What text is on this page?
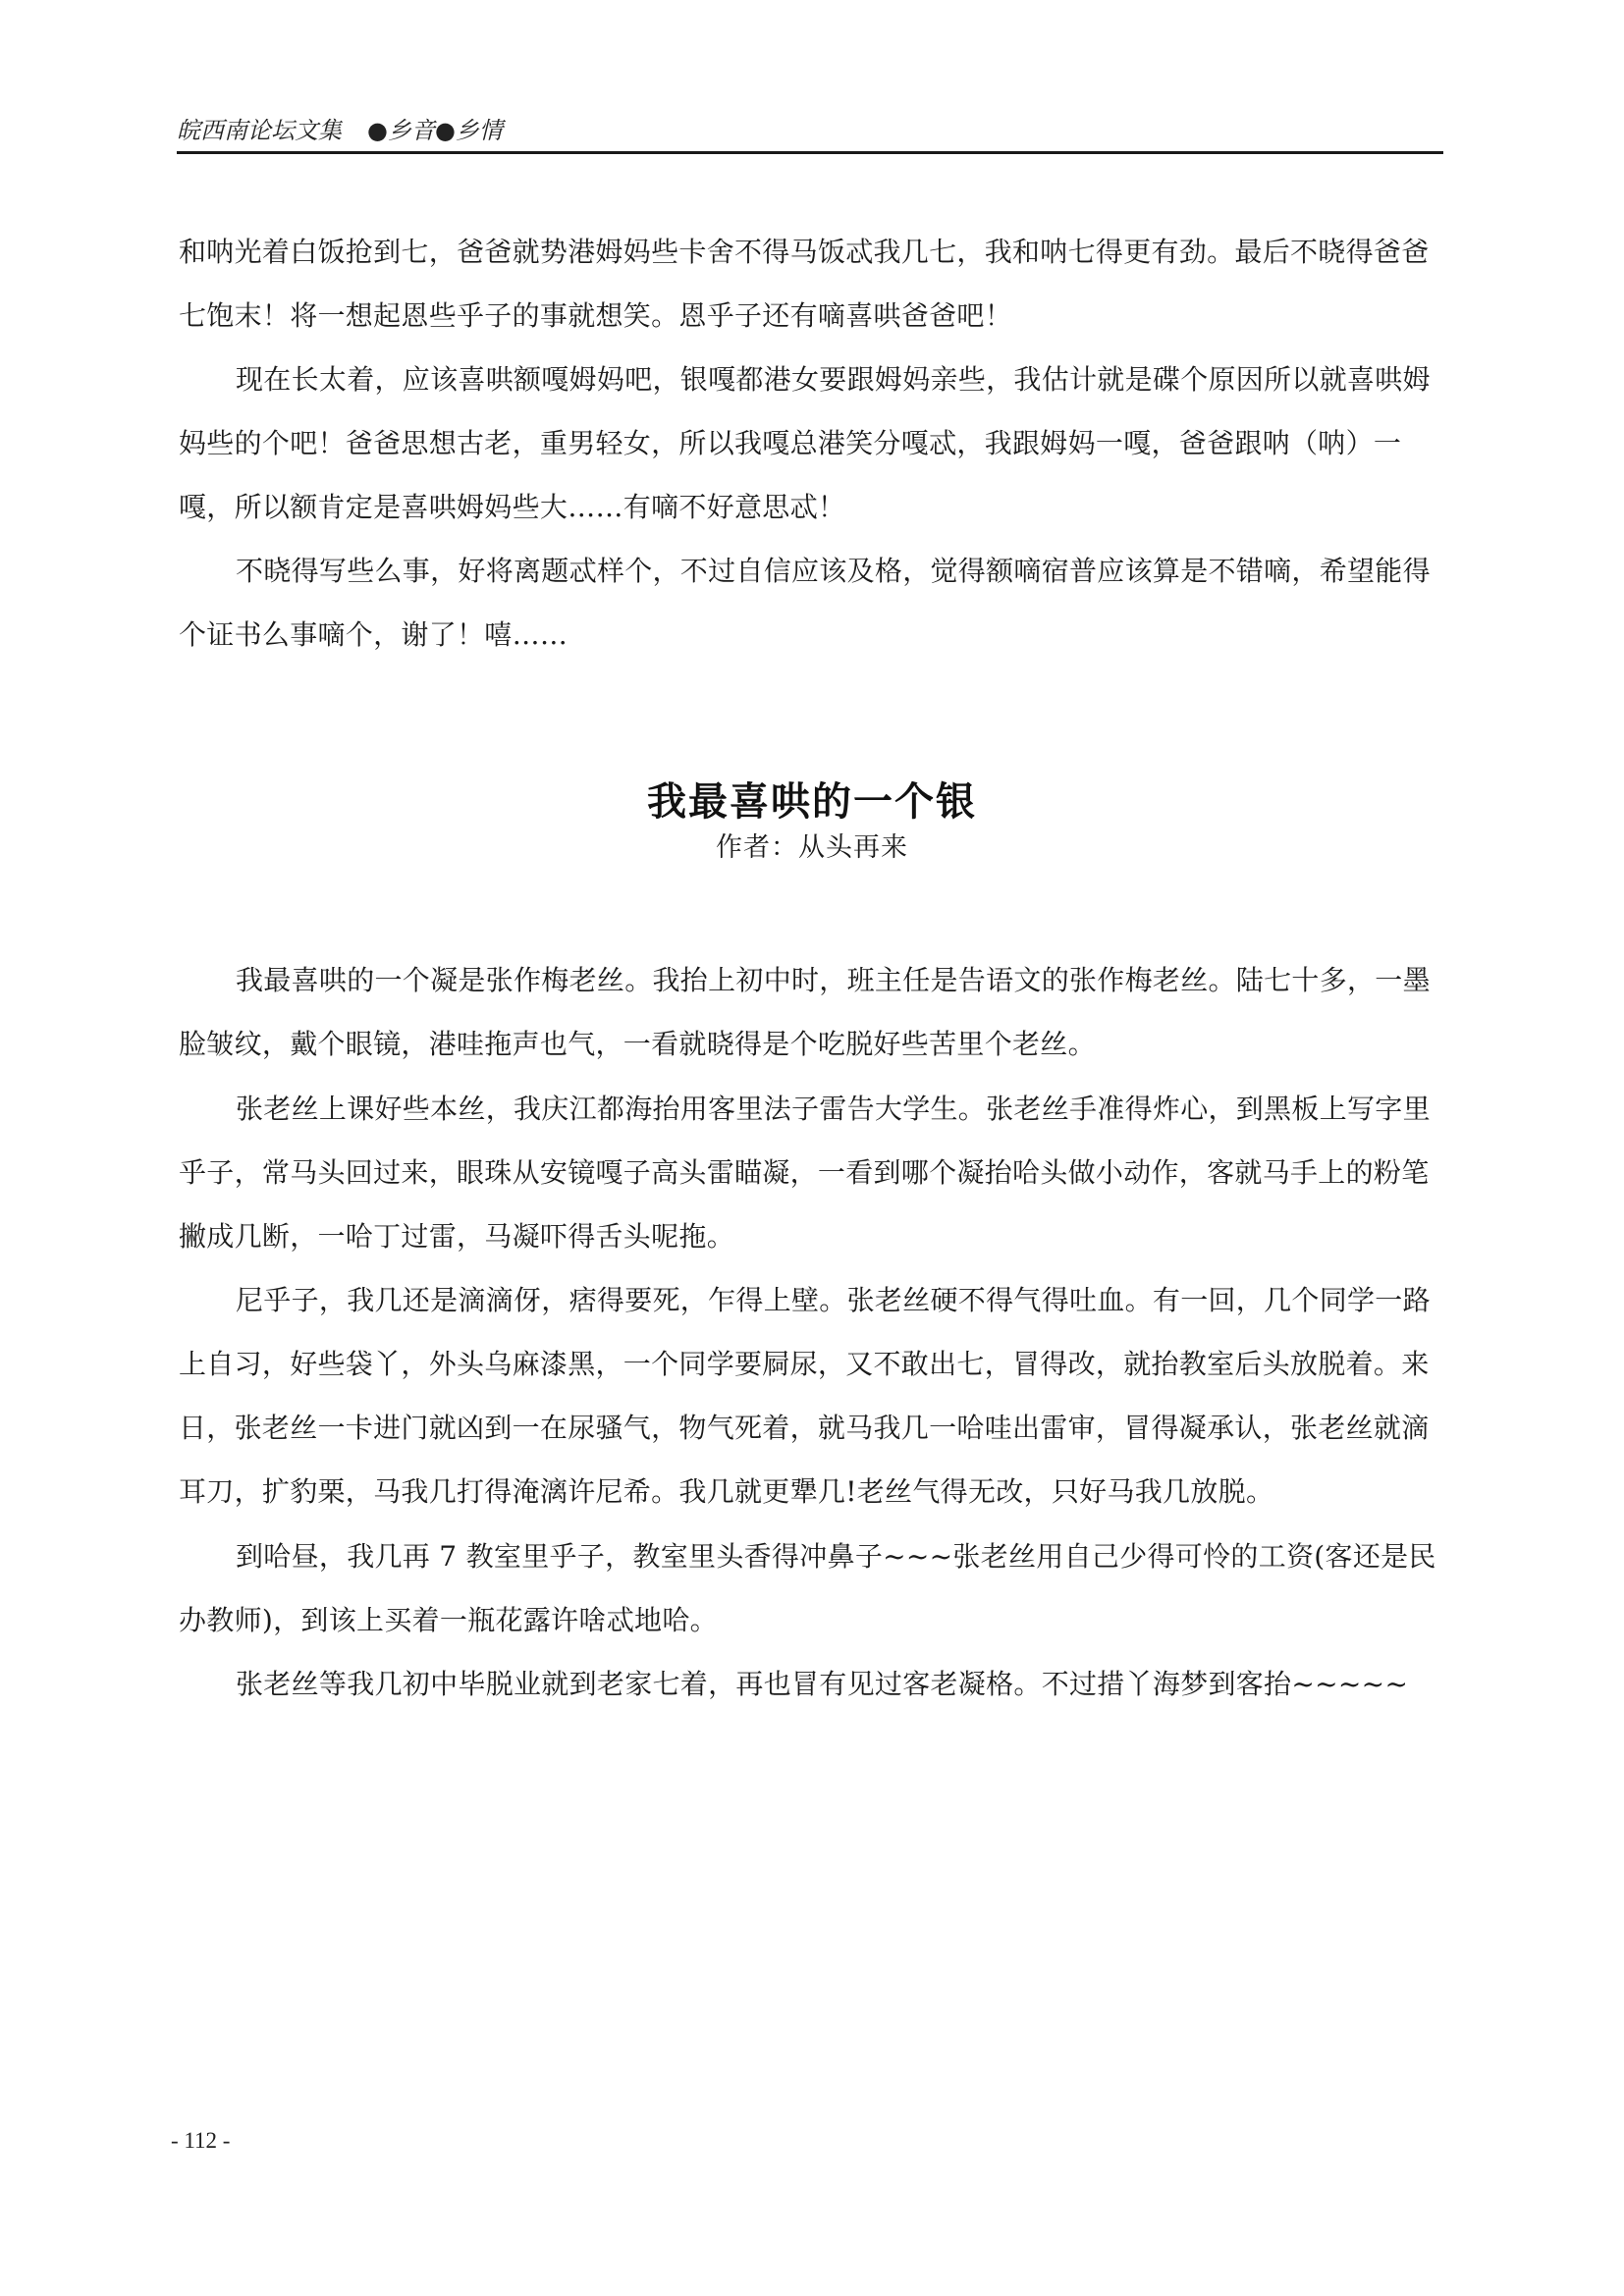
皖西南论坛文集 ●乡音●乡情

和呐光着白饭抢到七，爸爸就势港姆妈些卡舍不得马饭忒我几七，我和呐七得更有劲。最后不晓得爸爸七饱末！将一想起恩些乎子的事就想笑。恩乎子还有嘀喜哄爸爸吧！

现在长太着，应该喜哄额嘎姆妈吧，银嘎都港女要跟姆妈亲些，我估计就是碟个原因所以就喜哄姆妈些的个吧！爸爸思想古老，重男轻女，所以我嘎总港笑分嘎忒，我跟姆妈一嘎，爸爸跟呐（呐）一嘎，所以额肯定是喜哄姆妈些大……有嘀不好意思忒！

不晓得写些么事，好将离题忒样个，不过自信应该及格，觉得额嘀宿普应该算是不错嘀，希望能得个证书么事嘀个，谢了！嘻……

我最喜哄的一个银
作者：从头再来

我最喜哄的一个凝是张作梅老丝。我抬上初中时，班主任是告语文的张作梅老丝。陆七十多，一墨脸皱纹，戴个眼镜，港哇拖声也气，一看就晓得是个吃脱好些苦里个老丝。

张老丝上课好些本丝，我庆江都海抬用客里法子雷告大学生。张老丝手准得炸心，到黑板上写字里乎子，常马头回过来，眼珠从安镜嘎子高头雷瞄凝，一看到哪个凝抬哈头做小动作，客就马手上的粉笔撇成几断，一哈丁过雷，马凝吓得舌头呢拖。

尼乎子，我几还是滴滴伢，痞得要死，乍得上壁。张老丝硬不得气得吐血。有一回，几个同学一路上自习，好些袋丫，外头乌麻漆黑，一个同学要屙尿，又不敢出七，冒得改，就抬教室后头放脱着。来日，张老丝一卡进门就凶到一在尿骚气，物气死着，就马我几一哈哇出雷审，冒得凝承认，张老丝就滴耳刀，扩豹栗，马我几打得淹漓许尼希。我几就更犟几!老丝气得无改，只好马我几放脱。

到哈昼，我几再 7 教室里乎子，教室里头香得冲鼻子~~~张老丝用自己少得可怜的工资(客还是民办教师)，到该上买着一瓶花露许啥忒地哈。

张老丝等我几初中毕脱业就到老家七着，再也冒有见过客老凝格。不过措丫海梦到客抬~~~~~

- 112 -
